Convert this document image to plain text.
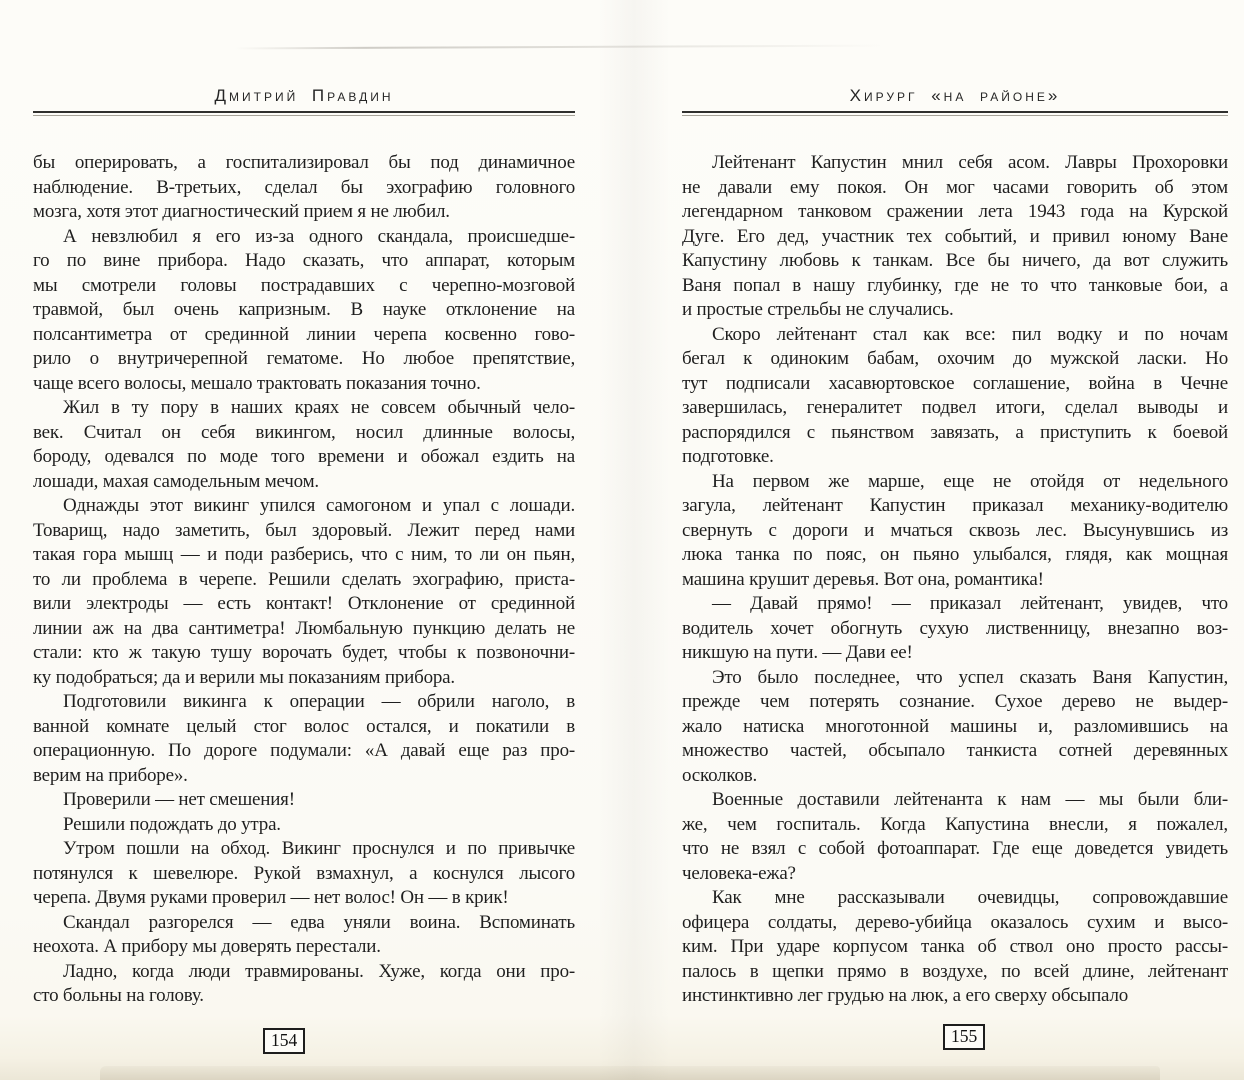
Дмитрий Правдин
бы оперировать, а госпитализировал бы под динамичное
наблюдение. В-третьих, сделал бы эхографию головного
мозга, хотя этот диагностический прием я не любил.
А невзлюбил я его из-за одного скандала, происшедше-
го по вине прибора. Надо сказать, что аппарат, которым
мы смотрели головы пострадавших с черепно-мозговой
травмой, был очень капризным. В науке отклонение на
полсантиметра от срединной линии черепа косвенно гово-
рило о внутричерепной гематоме. Но любое препятствие,
чаще всего волосы, мешало трактовать показания точно.
Жил в ту пору в наших краях не совсем обычный чело-
век. Считал он себя викингом, носил длинные волосы,
бороду, одевался по моде того времени и обожал ездить на
лошади, махая самодельным мечом.
Однажды этот викинг упился самогоном и упал с лошади.
Товарищ, надо заметить, был здоровый. Лежит перед нами
такая гора мышц — и поди разберись, что с ним, то ли он пьян,
то ли проблема в черепе. Решили сделать эхографию, приста-
вили электроды — есть контакт! Отклонение от срединной
линии аж на два сантиметра! Люмбальную пункцию делать не
стали: кто ж такую тушу ворочать будет, чтобы к позвоночни-
ку подобраться; да и верили мы показаниям прибора.
Подготовили викинга к операции — обрили наголо, в
ванной комнате целый стог волос остался, и покатили в
операционную. По дороге подумали: «А давай еще раз про-
верим на приборе».
Проверили — нет смешения!
Решили подождать до утра.
Утром пошли на обход. Викинг проснулся и по привычке
потянулся к шевелюре. Рукой взмахнул, а коснулся лысого
черепа. Двумя руками проверил — нет волос! Он — в крик!
Скандал разгорелся — едва уняли воина. Вспоминать
неохота. А прибору мы доверять перестали.
Ладно, когда люди травмированы. Хуже, когда они про-
сто больны на голову.
Хирург «на районе»
Лейтенант Капустин мнил себя асом. Лавры Прохоровки
не давали ему покоя. Он мог часами говорить об этом
легендарном танковом сражении лета 1943 года на Курской
Дуге. Его дед, участник тех событий, и привил юному Ване
Капустину любовь к танкам. Все бы ничего, да вот служить
Ваня попал в нашу глубинку, где не то что танковые бои, а
и простые стрельбы не случались.
Скоро лейтенант стал как все: пил водку и по ночам
бегал к одиноким бабам, охочим до мужской ласки. Но
тут подписали хасавюртовское соглашение, война в Чечне
завершилась, генералитет подвел итоги, сделал выводы и
распорядился с пьянством завязать, а приступить к боевой
подготовке.
На первом же марше, еще не отойдя от недельного
загула, лейтенант Капустин приказал механику-водителю
свернуть с дороги и мчаться сквозь лес. Высунувшись из
люка танка по пояс, он пьяно улыбался, глядя, как мощная
машина крушит деревья. Вот она, романтика!
— Давай прямо! — приказал лейтенант, увидев, что
водитель хочет обогнуть сухую лиственницу, внезапно воз-
никшую на пути. — Дави ее!
Это было последнее, что успел сказать Ваня Капустин,
прежде чем потерять сознание. Сухое дерево не выдер-
жало натиска многотонной машины и, разломившись на
множество частей, обсыпало танкиста сотней деревянных
осколков.
Военные доставили лейтенанта к нам — мы были бли-
же, чем госпиталь. Когда Капустина внесли, я пожалел,
что не взял с собой фотоаппарат. Где еще доведется увидеть
человека-ежа?
Как мне рассказывали очевидцы, сопровождавшие
офицера солдаты, дерево-убийца оказалось сухим и высо-
ким. При ударе корпусом танка об ствол оно просто рассы-
палось в щепки прямо в воздухе, по всей длине, лейтенант
инстинктивно лег грудью на люк, а его сверху обсыпало
154	155
